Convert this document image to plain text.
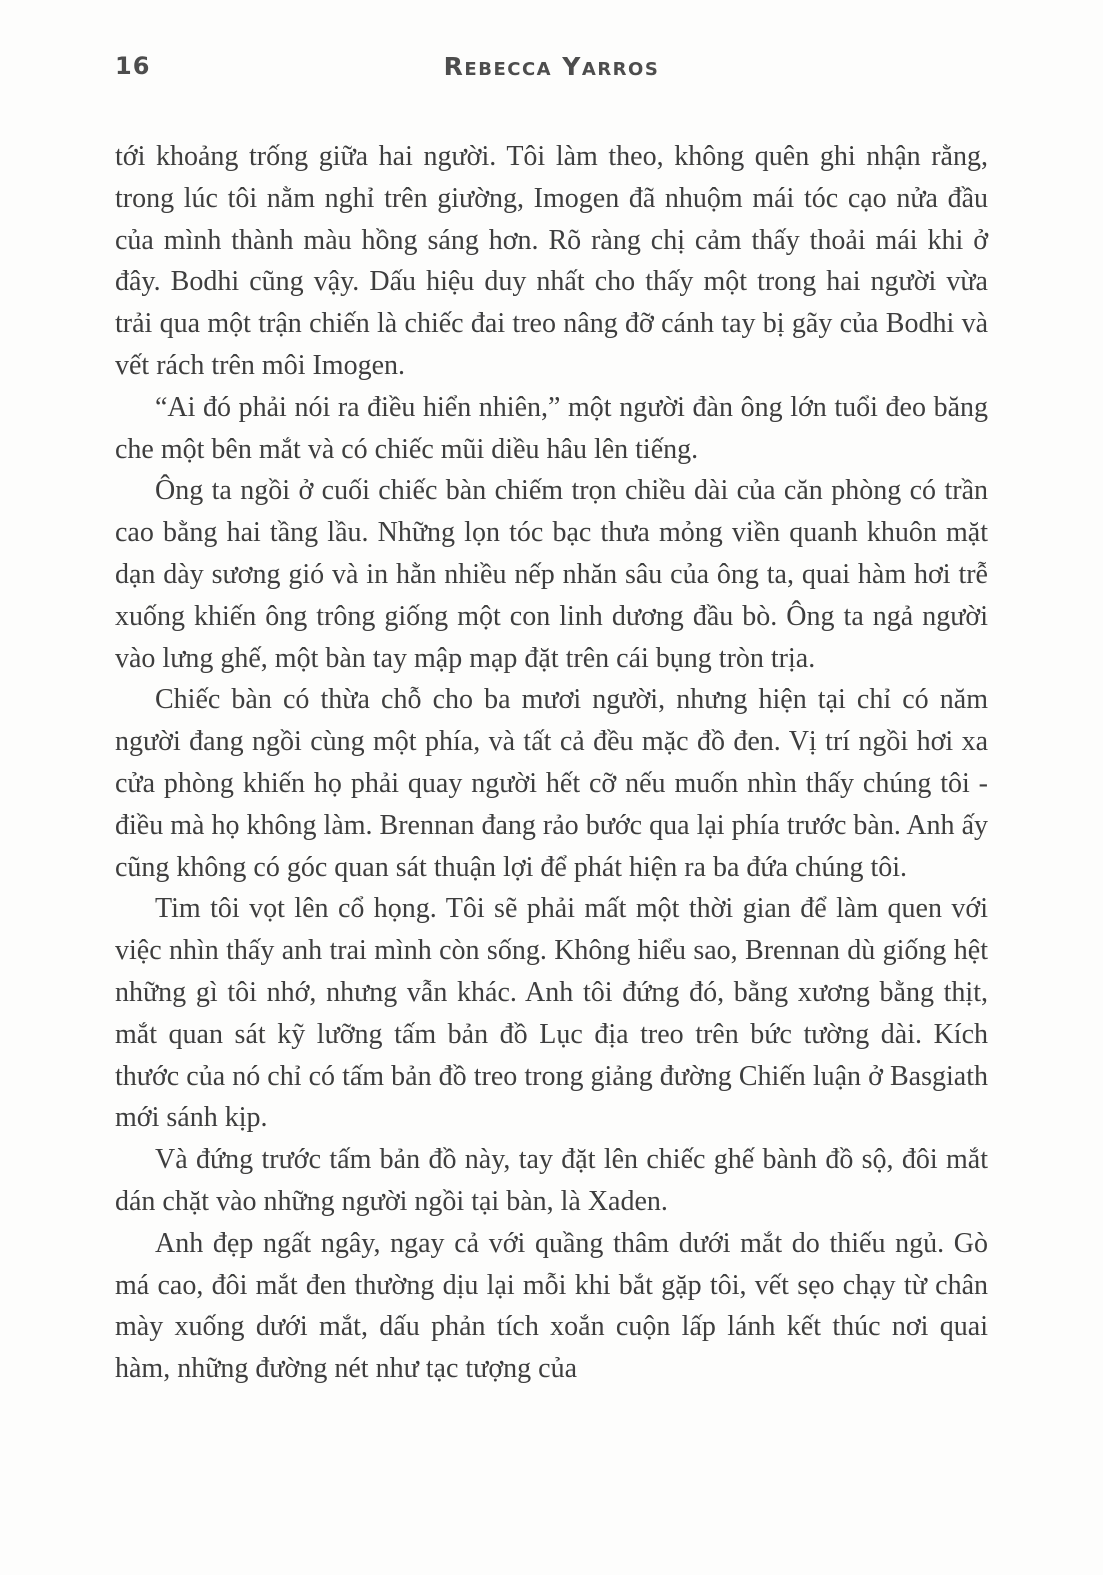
16	Rebecca Yarros

tới khoảng trống giữa hai người. Tôi làm theo, không quên ghi nhận rằng, trong lúc tôi nằm nghỉ trên giường, Imogen đã nhuộm mái tóc cạo nửa đầu của mình thành màu hồng sáng hơn. Rõ ràng chị cảm thấy thoải mái khi ở đây. Bodhi cũng vậy. Dấu hiệu duy nhất cho thấy một trong hai người vừa trải qua một trận chiến là chiếc đai treo nâng đỡ cánh tay bị gãy của Bodhi và vết rách trên môi Imogen.

“Ai đó phải nói ra điều hiển nhiên,” một người đàn ông lớn tuổi đeo băng che một bên mắt và có chiếc mũi diều hâu lên tiếng.

Ông ta ngồi ở cuối chiếc bàn chiếm trọn chiều dài của căn phòng có trần cao bằng hai tầng lầu. Những lọn tóc bạc thưa mỏng viền quanh khuôn mặt dạn dày sương gió và in hằn nhiều nếp nhăn sâu của ông ta, quai hàm hơi trễ xuống khiến ông trông giống một con linh dương đầu bò. Ông ta ngả người vào lưng ghế, một bàn tay mập mạp đặt trên cái bụng tròn trịa.

Chiếc bàn có thừa chỗ cho ba mươi người, nhưng hiện tại chỉ có năm người đang ngồi cùng một phía, và tất cả đều mặc đồ đen. Vị trí ngồi hơi xa cửa phòng khiến họ phải quay người hết cỡ nếu muốn nhìn thấy chúng tôi - điều mà họ không làm. Brennan đang rảo bước qua lại phía trước bàn. Anh ấy cũng không có góc quan sát thuận lợi để phát hiện ra ba đứa chúng tôi.

Tim tôi vọt lên cổ họng. Tôi sẽ phải mất một thời gian để làm quen với việc nhìn thấy anh trai mình còn sống. Không hiểu sao, Brennan dù giống hệt những gì tôi nhớ, nhưng vẫn khác. Anh tôi đứng đó, bằng xương bằng thịt, mắt quan sát kỹ lưỡng tấm bản đồ Lục địa treo trên bức tường dài. Kích thước của nó chỉ có tấm bản đồ treo trong giảng đường Chiến luận ở Basgiath mới sánh kịp.

Và đứng trước tấm bản đồ này, tay đặt lên chiếc ghế bành đồ sộ, đôi mắt dán chặt vào những người ngồi tại bàn, là Xaden.

Anh đẹp ngất ngây, ngay cả với quầng thâm dưới mắt do thiếu ngủ. Gò má cao, đôi mắt đen thường dịu lại mỗi khi bắt gặp tôi, vết sẹo chạy từ chân mày xuống dưới mắt, dấu phản tích xoắn cuộn lấp lánh kết thúc nơi quai hàm, những đường nét như tạc tượng của
